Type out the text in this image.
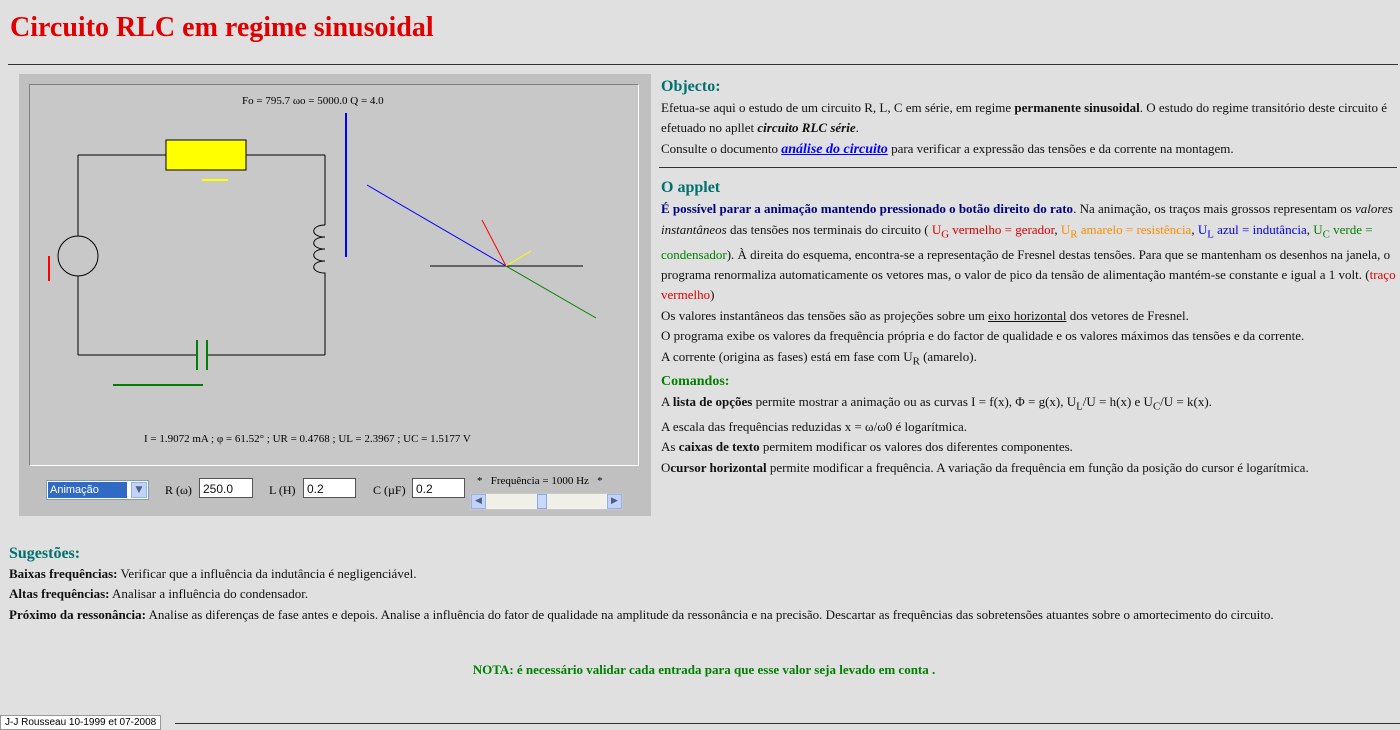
Circuito RLC em regime sinusoidal
Fo = 795.7 ωo = 5000.0 Q = 4.0
I = 1.9072 mA ; φ = 61.52° ; UR = 0.4768 ; UL = 2.3967 ; UC = 1.5177 V
Animação	▼	R (ω) 250.0	L (H) 0.2	C (µF) 0.2
*   Frequência = 1000 Hz   *
◀	▶
Objecto:

Efetua-se aqui o estudo de um circuito R, L, C em série, em regime permanente sinusoidal. O estudo do regime transitório deste circuito é efetuado no apllet circuito RLC série.

Consulte o documento análise do circuito para verificar a expressão das tensões e da corrente na montagem.

O applet

É possível parar a animação mantendo pressionado o botão direito do rato. Na animação, os traços mais grossos representam os valores instantâneos das tensões nos terminais do circuito ( $U_G$ vermelho = gerador, $U_R$ amarelo = resistência, $U_L$ azul = indutância, $U_C$ verde = condensador). À direita do esquema, encontra-se a representação de Fresnel destas tensões. Para que se mantenham os desenhos na janela, o programa renormaliza automaticamente os vetores mas, o valor de pico da tensão de alimentação mantém-se constante e igual a 1 volt. (traço vermelho)

Os valores instantâneos das tensões são as projeções sobre um eixo horizontal dos vetores de Fresnel.

O programa exibe os valores da frequência própria e do factor de qualidade e os valores máximos das tensões e da corrente.

A corrente (origina as fases) está em fase com $U_R$ (amarelo).

Comandos:

A lista de opções permite mostrar a animação ou as curvas I = f(x), Φ = g(x), $U_L/U = h(x)$ e $U_C/U = k(x)$.

A escala das frequências reduzidas x = ω/ω0 é logarítmica.

As caixas de texto permitem modificar os valores dos diferentes componentes.

Ocursor horizontal permite modificar a frequência. A variação da frequência em função da posição do cursor é logarítmica.

Sugestões:

Baixas frequências: Verificar que a influência da indutância é negligenciável.

Altas frequências: Analisar a influência do condensador.

Próximo da ressonância: Analise as diferenças de fase antes e depois. Analise a influência do fator de qualidade na amplitude da ressonância e na precisão. Descartar as frequências das sobretensões atuantes sobre o amortecimento do circuito.

NOTA: é necessário validar cada entrada para que esse valor seja levado em conta .
J-J Rousseau 10-1999 et 07-2008
